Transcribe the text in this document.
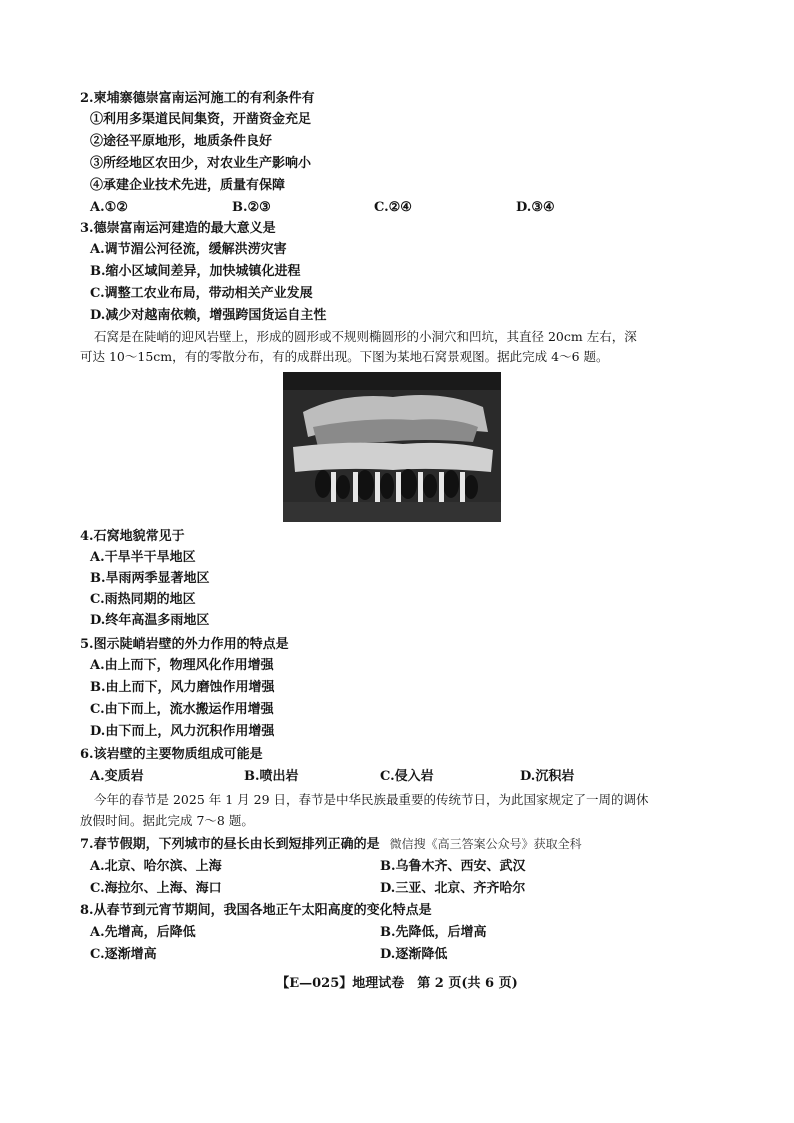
2.柬埔寨德崇富南运河施工的有利条件有
①利用多渠道民间集资，开凿资金充足
②途径平原地形，地质条件良好
③所经地区农田少，对农业生产影响小
④承建企业技术先进，质量有保障
A.①②	B.②③	C.②④	D.③④
3.德崇富南运河建造的最大意义是
A.调节湄公河径流，缓解洪涝灾害
B.缩小区域间差异，加快城镇化进程
C.调整工农业布局，带动相关产业发展
D.减少对越南依赖，增强跨国货运自主性
石窝是在陡峭的迎风岩壁上，形成的圆形或不规则椭圆形的小洞穴和凹坑，其直径 20cm 左右，深
可达 10～15cm，有的零散分布，有的成群出现。下图为某地石窝景观图。据此完成 4～6 题。
4.石窝地貌常见于
A.干旱半干旱地区
B.旱雨两季显著地区
C.雨热同期的地区
D.终年高温多雨地区
5.图示陡峭岩壁的外力作用的特点是
A.由上而下，物理风化作用增强
B.由上而下，风力磨蚀作用增强
C.由下而上，流水搬运作用增强
D.由下而上，风力沉积作用增强
6.该岩壁的主要物质组成可能是
A.变质岩	B.喷出岩	C.侵入岩	D.沉积岩
今年的春节是 2025 年 1 月 29 日，春节是中华民族最重要的传统节日，为此国家规定了一周的调休
放假时间。据此完成 7～8 题。
7.春节假期，下列城市的昼长由长到短排列正确的是 微信搜《高三答案公众号》获取全科
A.北京、哈尔滨、上海	B.乌鲁木齐、西安、武汉
C.海拉尔、上海、海口	D.三亚、北京、齐齐哈尔
8.从春节到元宵节期间，我国各地正午太阳高度的变化特点是
A.先增高，后降低	B.先降低，后增高
C.逐渐增高	D.逐渐降低
【E—025】地理试卷　第 2 页(共 6 页)
